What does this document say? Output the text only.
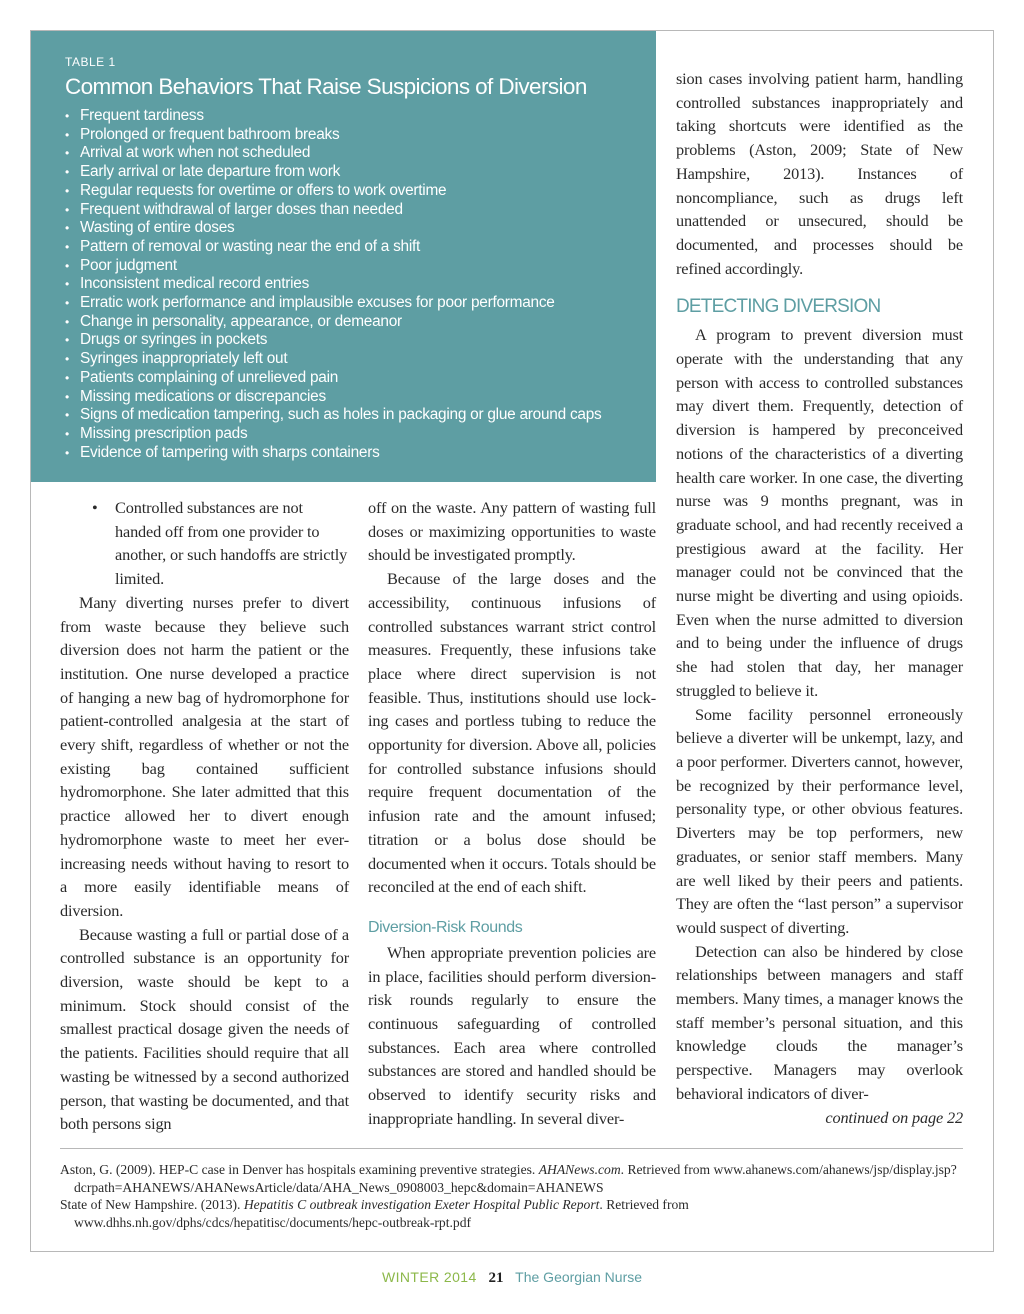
TABLE 1
Common Behaviors That Raise Suspicions of Diversion
• Frequent tardiness
• Prolonged or frequent bathroom breaks
• Arrival at work when not scheduled
• Early arrival or late departure from work
• Regular requests for overtime or offers to work overtime
• Frequent withdrawal of larger doses than needed
• Wasting of entire doses
• Pattern of removal or wasting near the end of a shift
• Poor judgment
• Inconsistent medical record entries
• Erratic work performance and implausible excuses for poor performance
• Change in personality, appearance, or demeanor
• Drugs or syringes in pockets
• Syringes inappropriately left out
• Patients complaining of unrelieved pain
• Missing medications or discrepancies
• Signs of medication tampering, such as holes in packaging or glue around caps
• Missing prescription pads
• Evidence of tampering with sharps containers

• Controlled substances are not handed off from one provider to another, or such handoffs are strictly limited.

Many diverting nurses prefer to divert from waste because they believe such diversion does not harm the patient or the institution. One nurse developed a practice of hanging a new bag of hydromorphone for patient-controlled analgesia at the start of every shift, regardless of whether or not the existing bag contained sufficient hydromorphone. She later admitted that this practice allowed her to divert enough hydromorphone waste to meet her ever-increasing needs without having to resort to a more easily identifiable means of diversion.

Because wasting a full or partial dose of a controlled substance is an opportunity for diversion, waste should be kept to a minimum. Stock should consist of the smallest practical dosage given the needs of the patients. Facilities should require that all wasting be witnessed by a second authorized person, that wasting be documented, and that both persons sign

off on the waste. Any pattern of wasting full doses or maximizing opportunities to waste should be investigated promptly.

Because of the large doses and the accessibility, continuous infusions of controlled substances warrant strict control measures. Frequently, these infusions take place where direct supervision is not feasible. Thus, institutions should use lock-ing cases and portless tubing to reduce the opportunity for diversion. Above all, policies for controlled substance infusions should require frequent documentation of the infusion rate and the amount infused; titration or a bolus dose should be documented when it occurs. Totals should be reconciled at the end of each shift.

Diversion-Risk Rounds

When appropriate prevention policies are in place, facilities should perform diversion-risk rounds regularly to ensure the continuous safeguarding of controlled substances. Each area where controlled substances are stored and handled should be observed to identify security risks and inappropriate handling. In several diver-

sion cases involving patient harm, handling controlled substances inappropriately and taking shortcuts were identified as the problems (Aston, 2009; State of New Hampshire, 2013). Instances of noncompliance, such as drugs left unattended or unsecured, should be documented, and processes should be refined accordingly.

DETECTING DIVERSION

A program to prevent diversion must operate with the understanding that any person with access to controlled substances may divert them. Frequently, detection of diversion is hampered by preconceived notions of the characteristics of a diverting health care worker. In one case, the diverting nurse was 9 months pregnant, was in graduate school, and had recently received a prestigious award at the facility. Her manager could not be convinced that the nurse might be diverting and using opioids. Even when the nurse admitted to diversion and to being under the influence of drugs she had stolen that day, her manager struggled to believe it.

Some facility personnel erroneously believe a diverter will be unkempt, lazy, and a poor performer. Diverters cannot, however, be recognized by their performance level, personality type, or other obvious features. Diverters may be top performers, new graduates, or senior staff members. Many are well liked by their peers and patients. They are often the “last person” a supervisor would suspect of diverting.

Detection can also be hindered by close relationships between managers and staff members. Many times, a manager knows the staff member’s personal situation, and this knowledge clouds the manager’s perspective. Managers may overlook behavioral indicators of diver-

continued on page 22

Aston, G. (2009). HEP-C case in Denver has hospitals examining preventive strategies. AHANews.com. Retrieved from www.ahanews.com/ahanews/jsp/display.jsp?dcrpath=AHANEWS/AHANewsArticle/data/AHA_News_0908003_hepc&domain=AHANEWS

State of New Hampshire. (2013). Hepatitis C outbreak investigation Exeter Hospital Public Report. Retrieved from www.dhhs.nh.gov/dphs/cdcs/hepatitisc/documents/hepc-outbreak-rpt.pdf

WINTER 2014 21 The Georgian Nurse
